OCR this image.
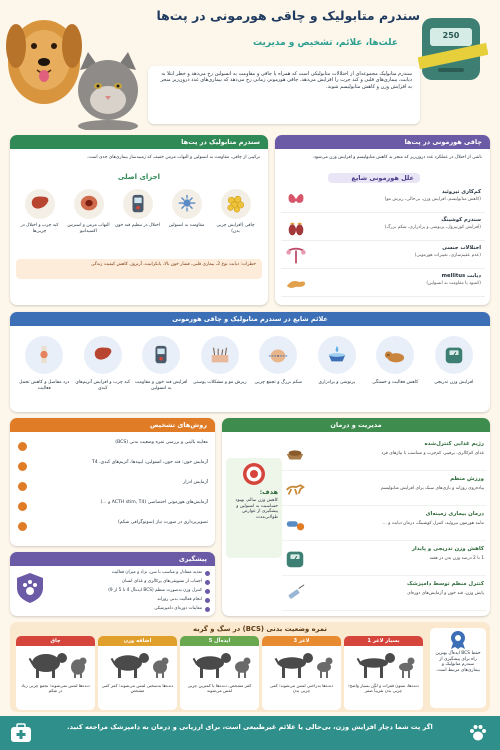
سندرم متابولیک و چاقی هورمونی در پت‌ها
علت‌ها، علائم، تشخیص و مدیریت
250
سندرم متابولیک مجموعه‌ای از اختلالات متابولیکی است که همراه با چاقی و مقاومت به انسولین رخ می‌دهد و خطر ابتلا به دیابت، بیماری‌های قلبی و کبد چرب را افزایش می‌دهد. چاقی هورمونی زمانی رخ می‌دهد که بیماری‌های غدد درون‌ریز منجر به افزایش وزن و کاهش متابولیسم شوند.
سندرم متابولیک در پت‌ها
ترکیبی از چاقی، مقاومت به انسولین و التهاب مزمن خفیف که زمینه‌ساز بیماری‌های جدی است.
اجزای اصلی
کبد چرب و اختلال در چربی‌ها
التهاب مزمن و استرس اکسیداتیو
اختلال در تنظیم قند خون	مقاومت به انسولین	چاقی (افزایش چربی بدن)
خطرات: دیابت نوع 2، بیماری قلبی، فشار خون بالا، پانکراتیت، آرتروز، کاهش کیفیت زندگی
چاقی هورمونی در پت‌ها
ناشی از اختلال در عملکرد غدد درون‌ریز که منجر به کاهش متابولیسم و افزایش وزن می‌شود.
علل هورمونی شایع
کم‌کاری تیروئید
(کاهش متابولیسم، افزایش وزن، بی‌حالی، ریزش مو)
سندرم کوشینگ
(افزایش کورتیزول، پرنوشی و پرادراری، شکم بزرگ)
اختلالات جنسی
(عدم عقیم‌سازی، تغییرات هورمونی)
دیابت mellitus
(کمبود یا مقاومت به انسولین)
علائم شایع در سندرم متابولیک و چاقی هورمونی
درد مفاصل و کاهش تحمل فعالیت
کبد چرب و افزایش آنزیم‌های کبدی
افزایش قند خون و مقاومت به انسولین
ریزش مو و مشکلات پوستی	شکم بزرگ و تجمع چربی	پرنوشی و پرادراری	کاهش فعالیت و خستگی	افزایش وزن تدریجی
روش‌های تشخیص
معاینه بالینی و بررسی نمره وضعیت بدنی (BCS)
آزمایش خون: قند خون، انسولین، لیپیدها، آنزیم‌های کبدی، T4
آزمایش ادرار
آزمایش‌های هورمونی اختصاصی (ACTH stim, T4 و ...)
تصویربرداری در صورت نیاز (سونوگرافی شکم)
مدیریت و درمان
رژیم غذایی کنترل‌شده
غذای کم‌کالری، پرفیبر، کم‌چرب و متناسب با نیازهای فرد
ورزش منظم
پیاده‌روی روزانه و بازی‌های سبک برای افزایش متابولیسم
درمان بیماری زمینه‌ای
مانند هورمون تیروئید، کنترل کوشینگ، درمان دیابت و ...
کاهش وزن تدریجی و پایدار
1 تا 2 درصد وزن بدن در هفته
کنترل منظم توسط دامپزشک
پایش وزن، قند خون و آزمایش‌های دوره‌ای
هدف:
کاهش وزن سالم، بهبود حساسیت به انسولین و پیشگیری از عوارض طولانی‌مدت
پیشگیری
تغذیه متعادل و مناسب با سن، نژاد و میزان فعالیت
اجتناب از تشویقی‌های پرکالری و غذای انسان
کنترل وزن به‌صورت منظم (BCS ایده‌آل 4 تا 5 از 9)
انجام فعالیت بدنی روزانه
معاینات دوره‌ای دامپزشکی
نمره وضعیت بدنی (BCS) در سگ و گربه
بسیار لاغر 1
دنده‌ها، ستون فقرات و لگن بسیار واضح؛ چربی بدن تقریباً صفر
لاغر 3
دنده‌ها به‌راحتی لمس می‌شوند؛ کمی چربی بدن
ایده‌آل 5
کمر مشخص، دنده‌ها با کمترین چربی لمس می‌شوند
اضافه وزن
دنده‌ها به‌سختی لمس می‌شوند؛ کمر کمی مشخص
چاق
دنده‌ها لمس نمی‌شوند؛ تجمع چربی زیاد در شکم
حفظ BCS ایده‌آل بهترین راه برای پیشگیری از سندرم متابولیک و بیماری‌های مرتبط است.
اگر پت شما دچار افزایش وزن، بی‌حالی یا علائم غیرطبیعی است، برای ارزیابی و درمان به دامپزشک مراجعه کنید.
